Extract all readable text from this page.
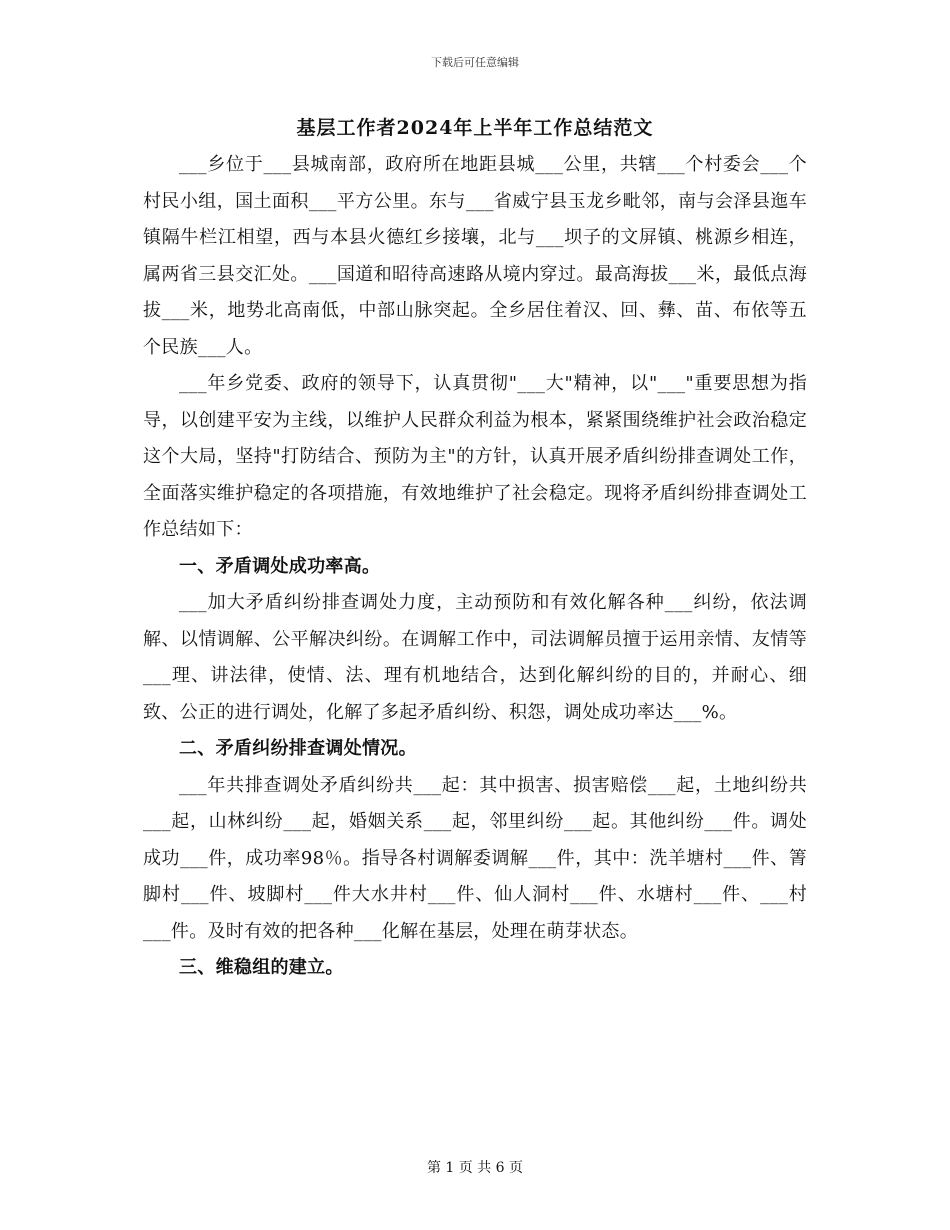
下载后可任意编辑
基层工作者2024年上半年工作总结范文

___乡位于___县城南部，政府所在地距县城___公里，共辖___个村委会___个村民小组，国土面积___平方公里。东与___省威宁县玉龙乡毗邻，南与会泽县迤车镇隔牛栏江相望，西与本县火德红乡接壤，北与___坝子的文屏镇、桃源乡相连，属两省三县交汇处。___国道和昭待高速路从境内穿过。最高海拔___米，最低点海拔___米，地势北高南低，中部山脉突起。全乡居住着汉、回、彝、苗、布依等五个民族___人。

___年乡党委、政府的领导下，认真贯彻"___大"精神，以"___"重要思想为指导，以创建平安为主线，以维护人民群众利益为根本，紧紧围绕维护社会政治稳定这个大局，坚持"打防结合、预防为主"的方针，认真开展矛盾纠纷排查调处工作，全面落实维护稳定的各项措施，有效地维护了社会稳定。现将矛盾纠纷排查调处工作总结如下：

一、矛盾调处成功率高。

___加大矛盾纠纷排查调处力度，主动预防和有效化解各种___纠纷，依法调解、以情调解、公平解决纠纷。在调解工作中，司法调解员擅于运用亲情、友情等___理、讲法律，使情、法、理有机地结合，达到化解纠纷的目的，并耐心、细致、公正的进行调处，化解了多起矛盾纠纷、积怨，调处成功率达___%。

二、矛盾纠纷排查调处情况。

___年共排查调处矛盾纠纷共___起：其中损害、损害赔偿___起，土地纠纷共___起，山林纠纷___起，婚姻关系___起，邻里纠纷___起。其他纠纷___件。调处成功___件，成功率98％。指导各村调解委调解___件，其中：洗羊塘村___件、箐脚村___件、坡脚村___件大水井村___件、仙人洞村___件、水塘村___件、___村___件。及时有效的把各种___化解在基层，处理在萌芽状态。

三、维稳组的建立。
第 1 页 共 6 页
